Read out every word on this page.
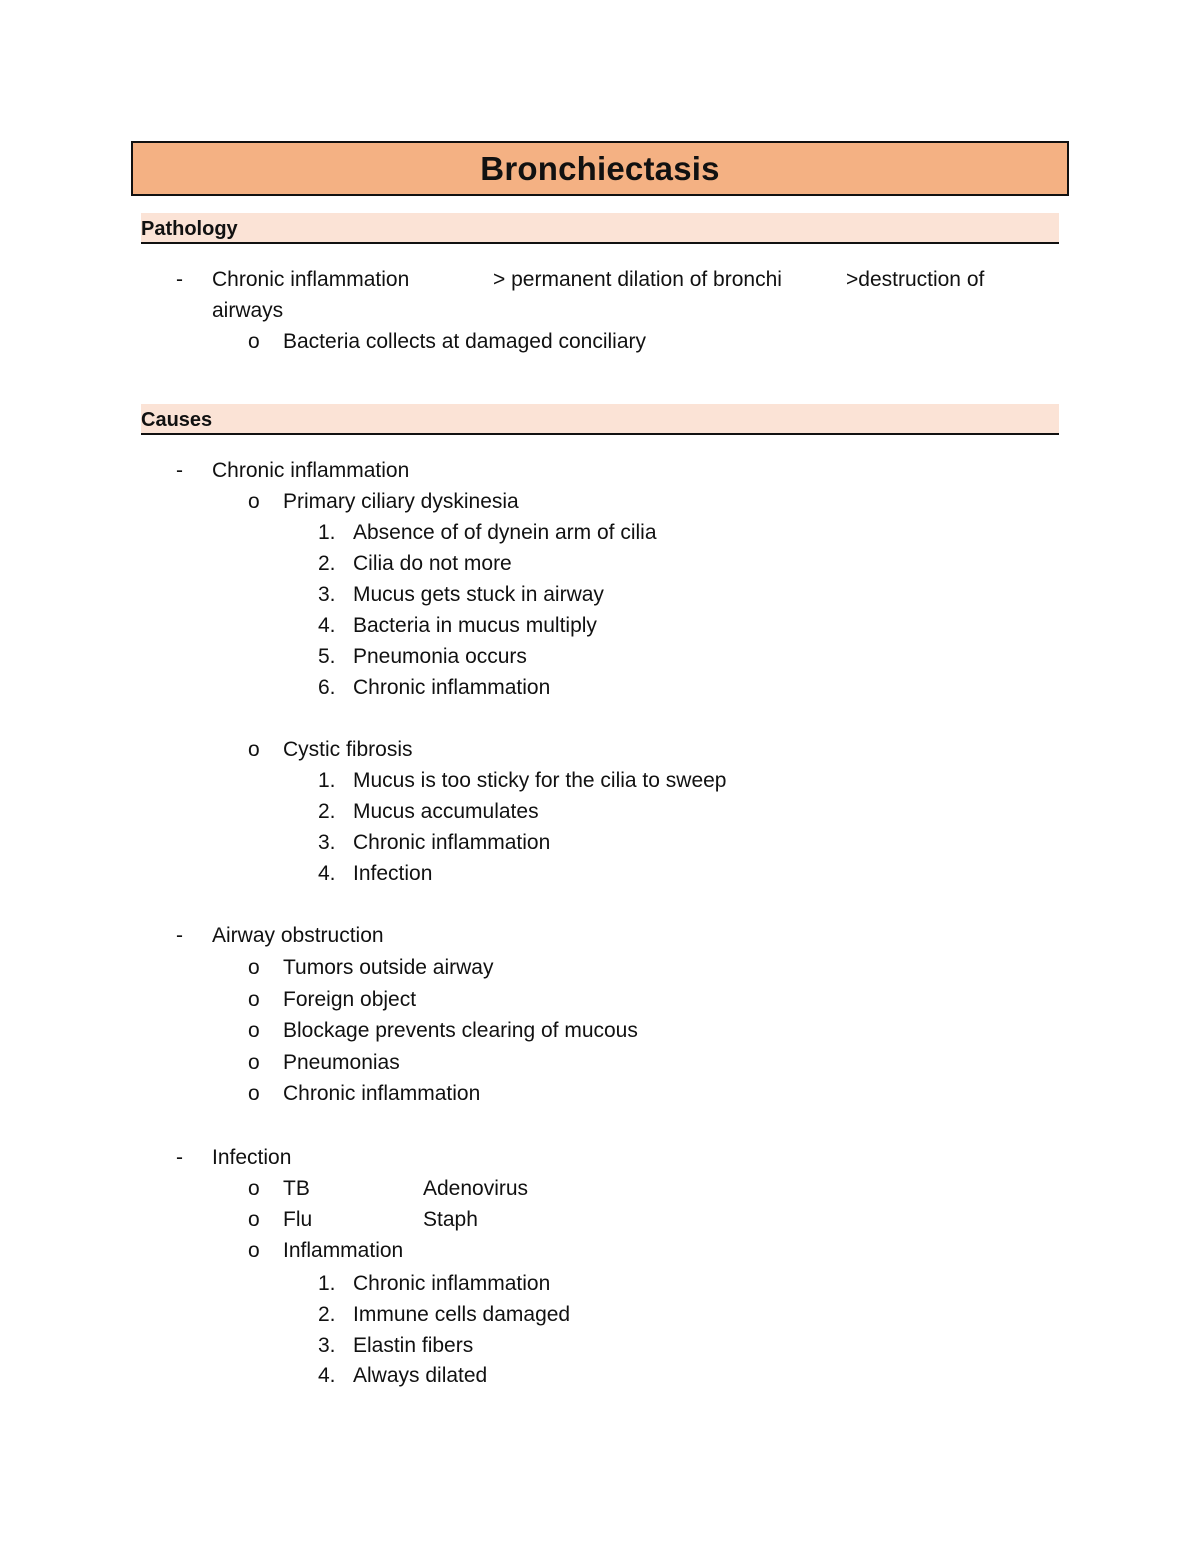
Bronchiectasis
Pathology
- Chronic inflammation	> permanent dilation of bronchi	>destruction of
airways
o Bacteria collects at damaged conciliary
Causes
- Chronic inflammation
o Primary ciliary dyskinesia
1. Absence of of dynein arm of cilia
2. Cilia do not more
3. Mucus gets stuck in airway
4. Bacteria in mucus multiply
5. Pneumonia occurs
6. Chronic inflammation
o Cystic fibrosis
1. Mucus is too sticky for the cilia to sweep
2. Mucus accumulates
3. Chronic inflammation
4. Infection
- Airway obstruction
o Tumors outside airway
o Foreign object
o Blockage prevents clearing of mucous
o Pneumonias
o Chronic inflammation
- Infection
o TB	Adenovirus
o Flu	Staph
o Inflammation
1. Chronic inflammation
2. Immune cells damaged
3. Elastin fibers
4. Always dilated
